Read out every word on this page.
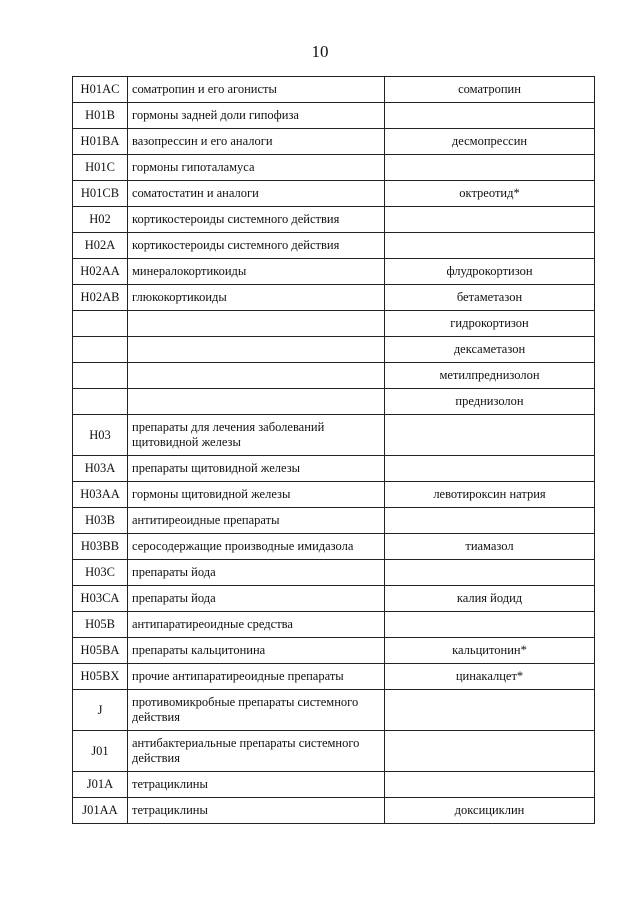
10
H01AC	соматропин и его агонисты	соматропин
H01B	гормоны задней доли гипофиза	
H01BA	вазопрессин и его аналоги	десмопрессин
H01C	гормоны гипоталамуса	
H01CB	соматостатин и аналоги	октреотид*
H02	кортикостероиды системного действия	
H02A	кортикостероиды системного действия	
H02AA	минералокортикоиды	флудрокортизон
H02AB	глюкокортикоиды	бетаметазон
		гидрокортизон
		дексаметазон
		метилпреднизолон
		преднизолон
H03	препараты для лечения заболеваний щитовидной железы	
H03A	препараты щитовидной железы	
H03AA	гормоны щитовидной железы	левотироксин натрия
H03B	антитиреоидные препараты	
H03BB	серосодержащие производные имидазола	тиамазол
H03C	препараты йода	
H03CA	препараты йода	калия йодид
H05B	антипаратиреоидные средства	
H05BA	препараты кальцитонина	кальцитонин*
H05BX	прочие антипаратиреоидные препараты	цинакалцет*
J	противомикробные препараты системного действия	
J01	антибактериальные препараты системного действия	
J01A	тетрациклины	
J01AA	тетрациклины	доксициклин
